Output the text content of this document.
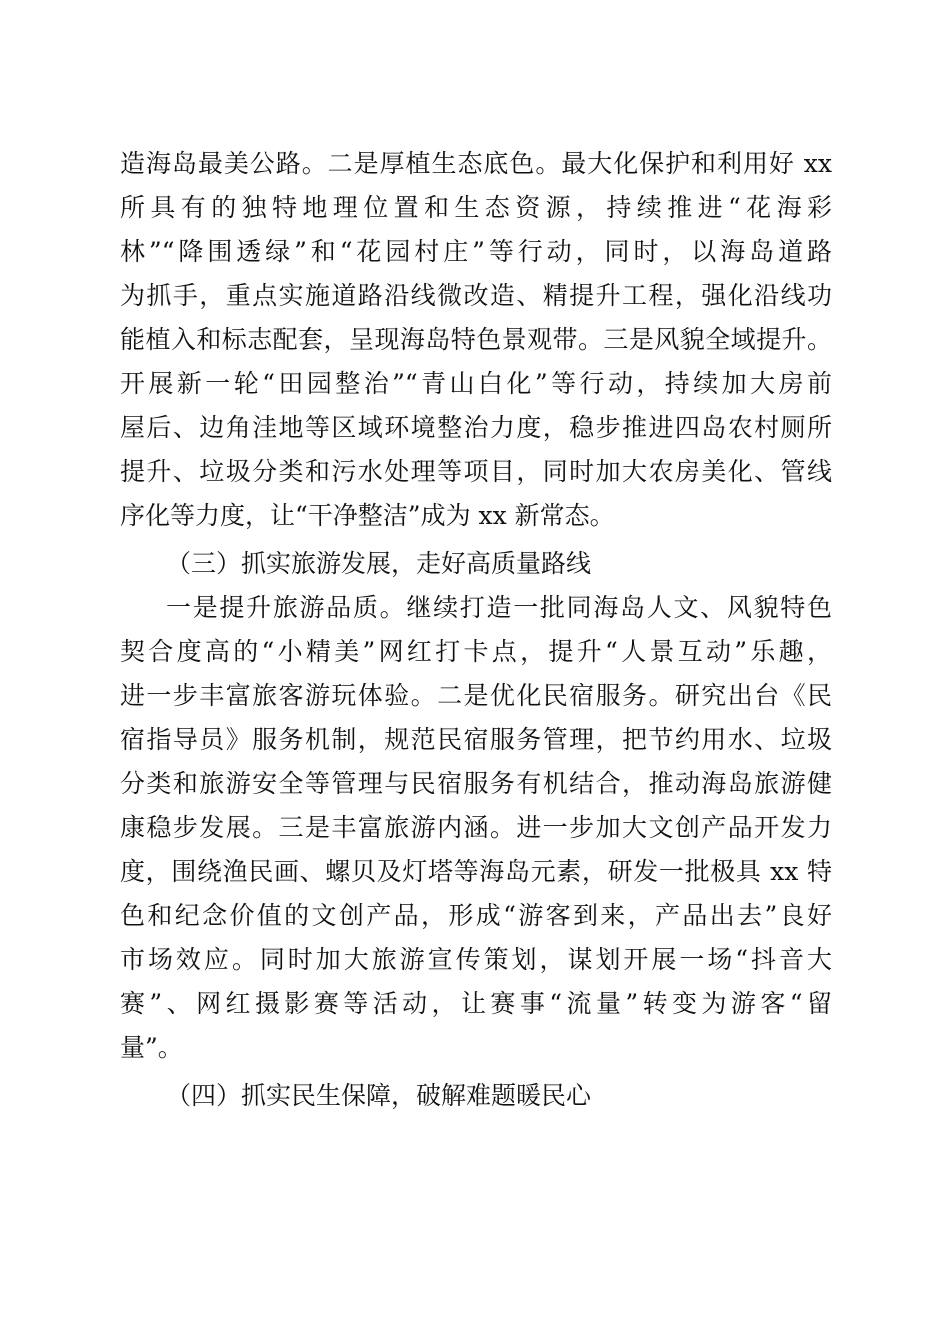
造海岛最美公路。二是厚植生态底色。最大化保护和利用好 xx
所具有的独特地理位置和生态资源，持续推进“花海彩
林”“降围透绿”和“花园村庄”等行动，同时，以海岛道路
为抓手，重点实施道路沿线微改造、精提升工程，强化沿线功
能植入和标志配套，呈现海岛特色景观带。三是风貌全域提升。
开展新一轮“田园整治”“青山白化”等行动，持续加大房前
屋后、边角洼地等区域环境整治力度，稳步推进四岛农村厕所
提升、垃圾分类和污水处理等项目，同时加大农房美化、管线
序化等力度，让“干净整洁”成为 xx 新常态。
（三）抓实旅游发展，走好高质量路线
一是提升旅游品质。继续打造一批同海岛人文、风貌特色
契合度高的“小精美”网红打卡点，提升“人景互动”乐趣，
进一步丰富旅客游玩体验。二是优化民宿服务。研究出台《民
宿指导员》服务机制，规范民宿服务管理，把节约用水、垃圾
分类和旅游安全等管理与民宿服务有机结合，推动海岛旅游健
康稳步发展。三是丰富旅游内涵。进一步加大文创产品开发力
度，围绕渔民画、螺贝及灯塔等海岛元素，研发一批极具 xx 特
色和纪念价值的文创产品，形成“游客到来，产品出去”良好
市场效应。同时加大旅游宣传策划，谋划开展一场“抖音大
赛”、网红摄影赛等活动，让赛事“流量”转变为游客“留
量”。
（四）抓实民生保障，破解难题暖民心
